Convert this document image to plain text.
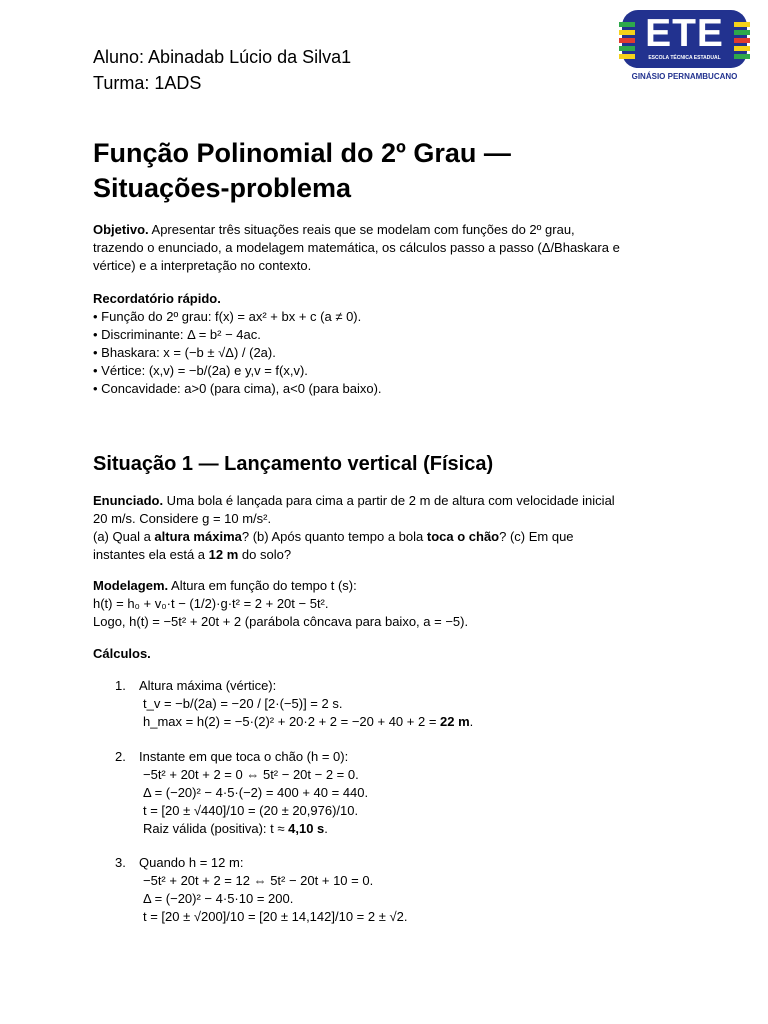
Aluno: Abinadab Lúcio da Silva1
Turma: 1ADS
ETE
ESCOLA TÉCNICA ESTADUAL
GINÁSIO PERNAMBUCANO
Função Polinomial do 2º Grau —
Situações-problema
Objetivo. Apresentar três situações reais que se modelam com funções do 2º grau,
trazendo o enunciado, a modelagem matemática, os cálculos passo a passo (Δ/Bhaskara e
vértice) e a interpretação no contexto.
Recordatório rápido.
• Função do 2º grau: f(x) = ax² + bx + c (a ≠ 0).
• Discriminante: Δ = b² − 4ac.
• Bhaskara: x = (−b ± √Δ) / (2a).
• Vértice: (x,v) = −b/(2a) e y,v = f(x,v).
• Concavidade: a>0 (para cima), a<0 (para baixo).
Situação 1 — Lançamento vertical (Física)
Enunciado. Uma bola é lançada para cima a partir de 2 m de altura com velocidade inicial
20 m/s. Considere g = 10 m/s².
(a) Qual a altura máxima? (b) Após quanto tempo a bola toca o chão? (c) Em que
instantes ela está a 12 m do solo?
Modelagem. Altura em função do tempo t (s):
h(t) = h₀ + v₀·t − (1/2)·g·t² = 2 + 20t − 5t².
Logo, h(t) = −5t² + 20t + 2 (parábola côncava para baixo, a = −5).
Cálculos.
1. Altura máxima (vértice):
t_v = −b/(2a) = −20 / [2·(−5)] = 2 s.
h_max = h(2) = −5·(2)² + 20·2 + 2 = −20 + 40 + 2 = 22 m.
2. Instante em que toca o chão (h = 0):
−5t² + 20t + 2 = 0 ⇔ 5t² − 20t − 2 = 0.
Δ = (−20)² − 4·5·(−2) = 400 + 40 = 440.
t = [20 ± √440]/10 = (20 ± 20,976)/10.
Raiz válida (positiva): t ≈ 4,10 s.
3. Quando h = 12 m:
−5t² + 20t + 2 = 12 ⇔ 5t² − 20t + 10 = 0.
Δ = (−20)² − 4·5·10 = 200.
t = [20 ± √200]/10 = [20 ± 14,142]/10 = 2 ± √2.
